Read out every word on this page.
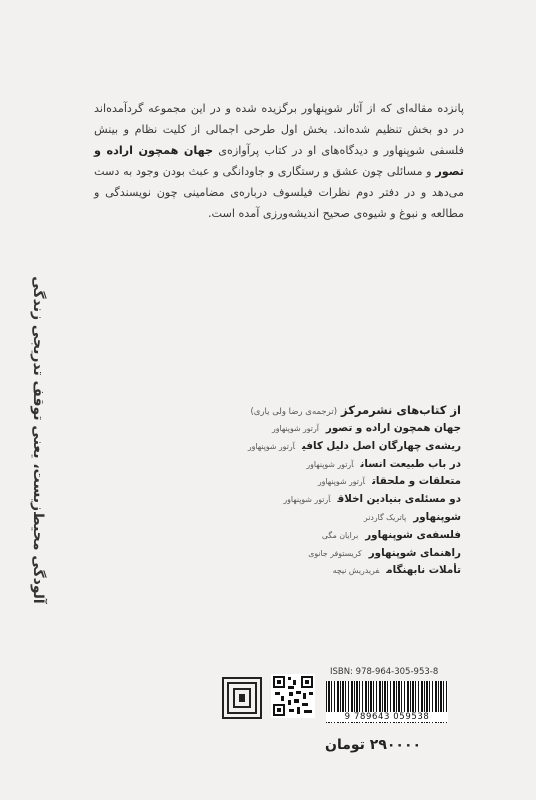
پانزده مقاله‌ای که از آثار شوپنهاور برگزیده شده و در این مجموعه گردآمده‌اند در دو بخش تنظیم شده‌اند. بخش اول طرحی اجمالی از کلیت نظام و بینش فلسفی شوپنهاور و دیدگاه‌های او در کتاب پرآوازه‌ی جهان همچون اراده و تصور و مسائلی چون عشق و رستگاری و جاودانگی و عبث بودن وجود به دست می‌دهد و در دفتر دوم نظرات فیلسوف درباره‌ی مضامینی چون نویسندگی و مطالعه و نبوغ و شیوه‌ی صحیح اندیشه‌ورزی آمده است.
آلودگی محیط‌زیست، یعنی توقف تدریجی زندگی	از کتاب‌های نشرمرکز(ترجمه‌ی رضا ولی یاری)
جهان همچون اراده و تصورآرتور شوپنهاور
ریشه‌ی چهارگان اصل دلیل کافیآرتور شوپنهاور
در باب طبیعت انسانآرتور شوپنهاور
متعلقات و ملحقاتآرتور شوپنهاور
دو مسئله‌ی بنیادین اخلاقآرتور شوپنهاور
شوپنهاورپاتریک گاردنر
فلسفه‌ی شوپنهاوربرایان مگی
راهنمای شوپنهاورکریستوفر جانوی
تأملات نابهنگامفریدریش نیچه
ISBN: 978-964-305-953-8
9 789643 059538
۲۹۰۰۰۰ تومان
